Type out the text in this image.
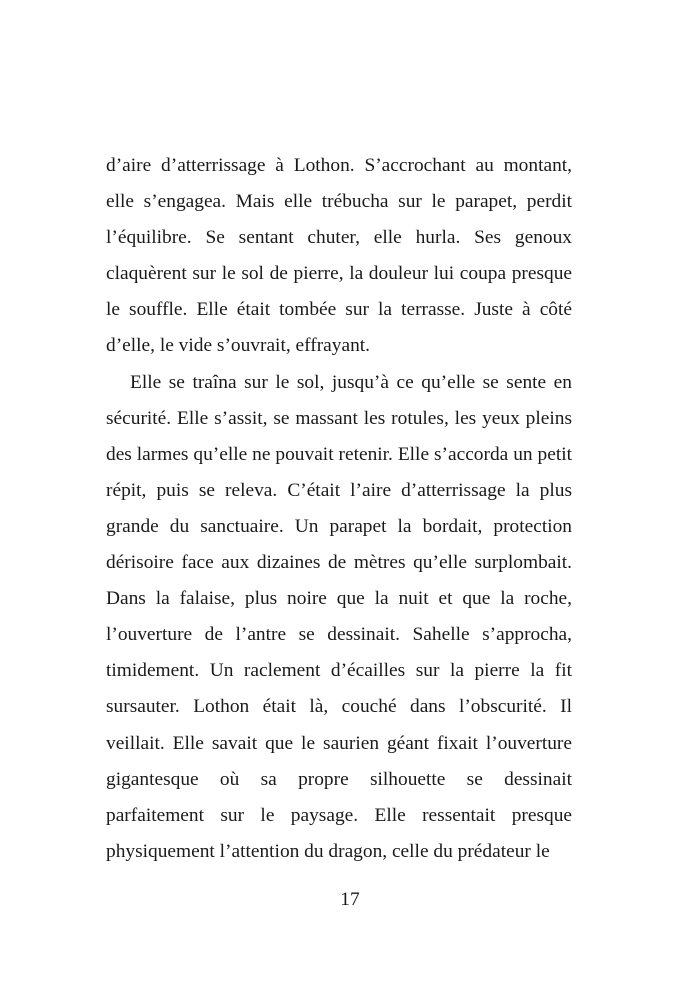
d’aire d’atterrissage à Lothon. S’accrochant au montant, elle s’engagea. Mais elle trébucha sur le parapet, perdit l’équilibre. Se sentant chuter, elle hurla. Ses genoux claquèrent sur le sol de pierre, la douleur lui coupa presque le souffle. Elle était tombée sur la terrasse. Juste à côté d’elle, le vide s’ouvrait, effrayant.

Elle se traîna sur le sol, jusqu’à ce qu’elle se sente en sécurité. Elle s’assit, se massant les rotules, les yeux pleins des larmes qu’elle ne pouvait retenir. Elle s’accorda un petit répit, puis se releva. C’était l’aire d’atterrissage la plus grande du sanctuaire. Un parapet la bordait, protection dérisoire face aux dizaines de mètres qu’elle surplombait. Dans la falaise, plus noire que la nuit et que la roche, l’ouverture de l’antre se dessinait. Sahelle s’approcha, timidement. Un raclement d’écailles sur la pierre la fit sursauter. Lothon était là, couché dans l’obscurité. Il veillait. Elle savait que le saurien géant fixait l’ouverture gigantesque où sa propre silhouette se dessinait parfaitement sur le paysage. Elle ressentait presque physiquement l’attention du dragon, celle du prédateur le

17
